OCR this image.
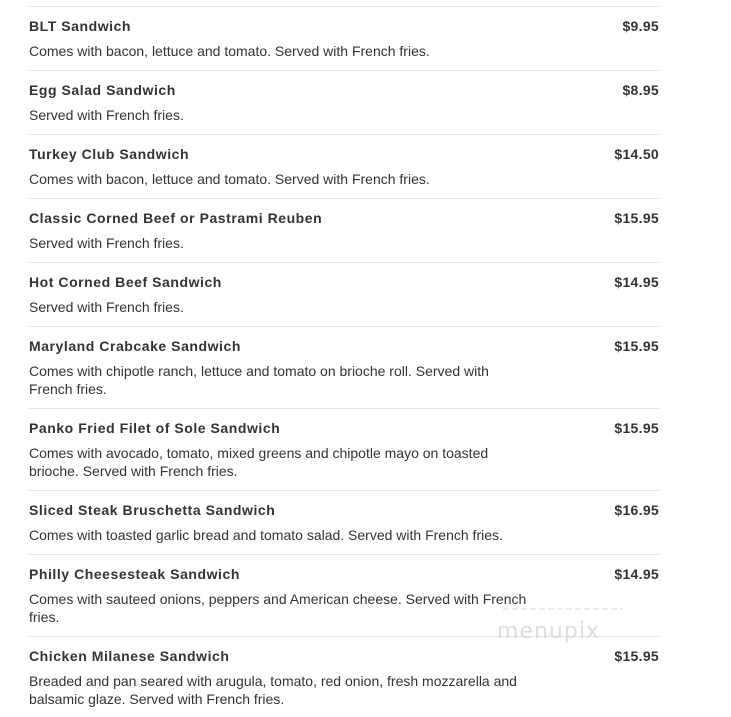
BLT Sandwich	$9.95
Comes with bacon, lettuce and tomato. Served with French fries.
Egg Salad Sandwich	$8.95
Served with French fries.
Turkey Club Sandwich	$14.50
Comes with bacon, lettuce and tomato. Served with French fries.
Classic Corned Beef or Pastrami Reuben	$15.95
Served with French fries.
Hot Corned Beef Sandwich	$14.95
Served with French fries.
Maryland Crabcake Sandwich	$15.95
Comes with chipotle ranch, lettuce and tomato on brioche roll. Served with French fries.
Panko Fried Filet of Sole Sandwich	$15.95
Comes with avocado, tomato, mixed greens and chipotle mayo on toasted brioche. Served with French fries.
Sliced Steak Bruschetta Sandwich	$16.95
Comes with toasted garlic bread and tomato salad. Served with French fries.
Philly Cheesesteak Sandwich	$14.95
Comes with sauteed onions, peppers and American cheese. Served with French fries.
Chicken Milanese Sandwich	$15.95
Breaded and pan seared with arugula, tomato, red onion, fresh mozzarella and balsamic glaze. Served with French fries.
menupix
